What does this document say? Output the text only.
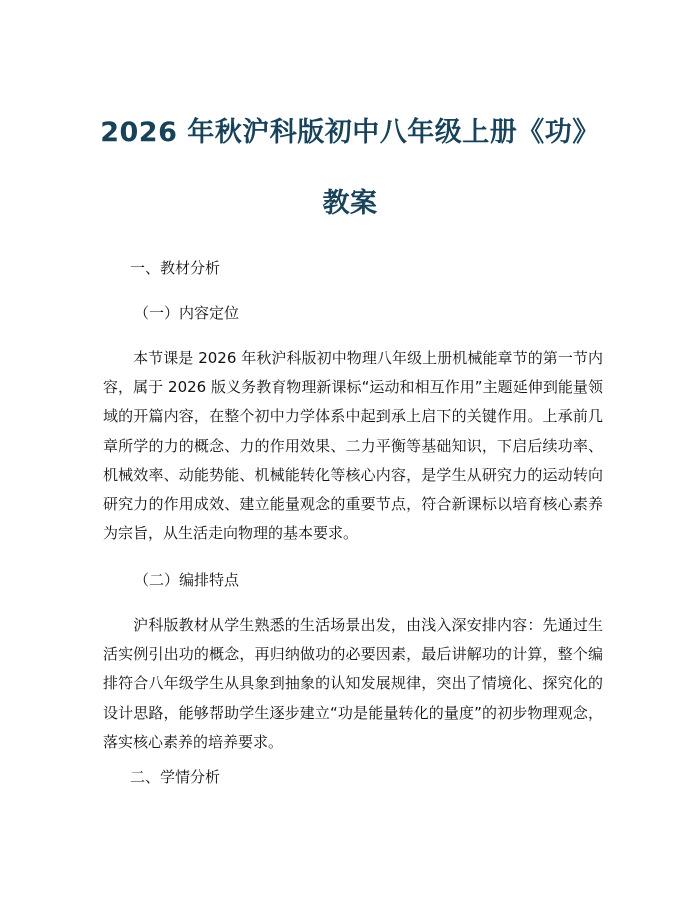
2026 年秋沪科版初中八年级上册《功》
教案
一、教材分析
（一）内容定位

本节课是 2026 年秋沪科版初中物理八年级上册机械能章节的第一节内容，属于 2026 版义务教育物理新课标“运动和相互作用”主题延伸到能量领域的开篇内容，在整个初中力学体系中起到承上启下的关键作用。上承前几章所学的力的概念、力的作用效果、二力平衡等基础知识，下启后续功率、机械效率、动能势能、机械能转化等核心内容，是学生从研究力的运动转向研究力的作用成效、建立能量观念的重要节点，符合新课标以培育核心素养为宗旨，从生活走向物理的基本要求。

（二）编排特点

沪科版教材从学生熟悉的生活场景出发，由浅入深安排内容：先通过生活实例引出功的概念，再归纳做功的必要因素，最后讲解功的计算，整个编排符合八年级学生从具象到抽象的认知发展规律，突出了情境化、探究化的设计思路，能够帮助学生逐步建立“功是能量转化的量度”的初步物理观念，落实核心素养的培养要求。

二、学情分析
